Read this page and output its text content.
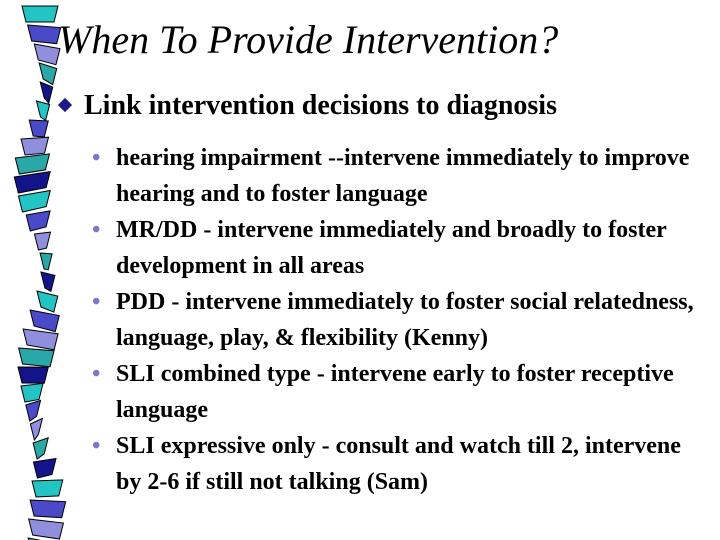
When To Provide Intervention?
Link intervention decisions to diagnosis
• hearing impairment --intervene immediately to improve hearing and to foster language
• MR/DD - intervene immediately and broadly to foster development in all areas
• PDD - intervene immediately to foster social relatedness, language, play, & flexibility (Kenny)
• SLI combined type - intervene early to foster receptive language
• SLI expressive only - consult and watch till 2, intervene by 2-6 if still not talking (Sam)
